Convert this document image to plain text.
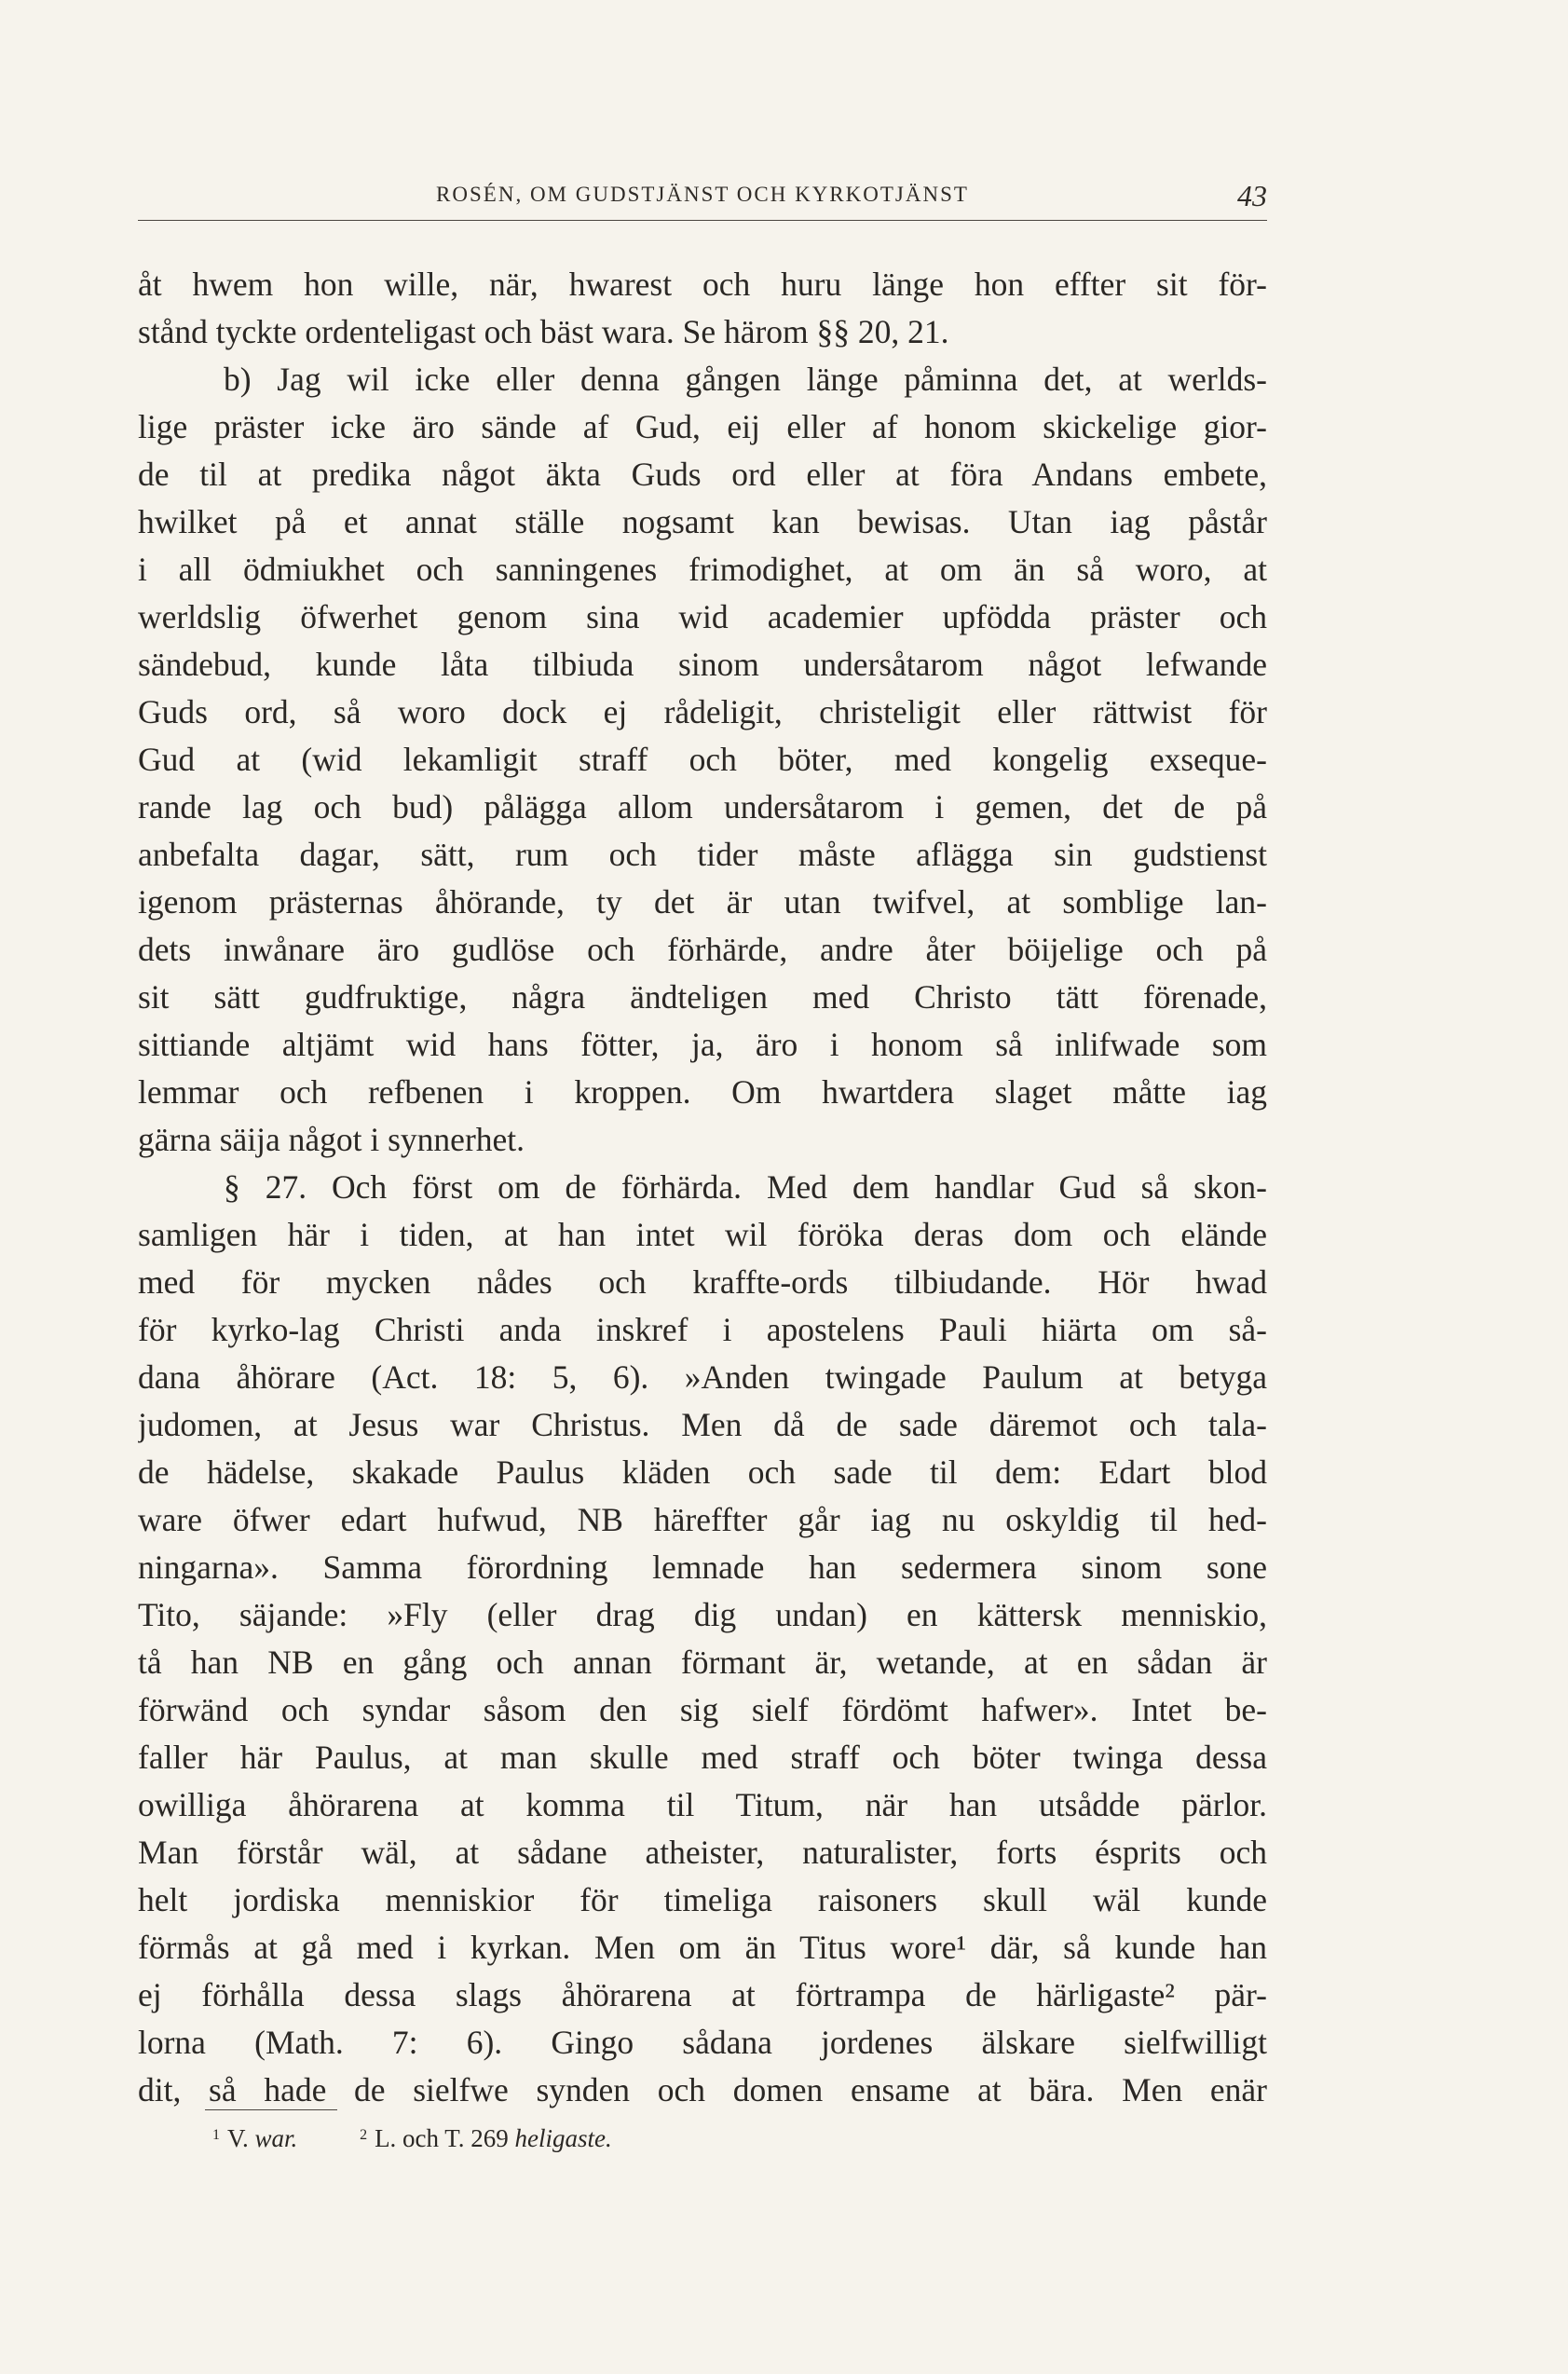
ROSÉN, OM GUDSTJÄNST OCH KYRKOTJÄNST	43
åt hwem hon wille, när, hwarest och huru länge hon effter sit för-
stånd tyckte ordenteligast och bäst wara. Se härom §§ 20, 21.
b) Jag wil icke eller denna gången länge påminna det, at werlds-
lige präster icke äro sände af Gud, eij eller af honom skickelige gior-
de til at predika något äkta Guds ord eller at föra Andans embete,
hwilket på et annat ställe nogsamt kan bewisas. Utan iag påstår
i all ödmiukhet och sanningenes frimodighet, at om än så woro, at
werldslig öfwerhet genom sina wid academier upfödda präster och
sändebud, kunde låta tilbiuda sinom undersåtarom något lefwande
Guds ord, så woro dock ej rådeligit, christeligit eller rättwist för
Gud at (wid lekamligit straff och böter, med kongelig exseque-
rande lag och bud) pålägga allom undersåtarom i gemen, det de på
anbefalta dagar, sätt, rum och tider måste aflägga sin gudstienst
igenom prästernas åhörande, ty det är utan twifvel, at somblige lan-
dets inwånare äro gudlöse och förhärde, andre åter böijelige och på
sit sätt gudfruktige, några ändteligen med Christo tätt förenade,
sittiande altjämt wid hans fötter, ja, äro i honom så inlifwade som
lemmar och refbenen i kroppen. Om hwartdera slaget måtte iag
gärna säija något i synnerhet.
§ 27. Och först om de förhärda. Med dem handlar Gud så skon-
samligen här i tiden, at han intet wil föröka deras dom och elände
med för mycken nådes och kraffte-ords tilbiudande. Hör hwad
för kyrko-lag Christi anda inskref i apostelens Pauli hiärta om så-
dana åhörare (Act. 18: 5, 6). »Anden twingade Paulum at betyga
judomen, at Jesus war Christus. Men då de sade däremot och tala-
de hädelse, skakade Paulus kläden och sade til dem: Edart blod
ware öfwer edart hufwud, NB häreffter går iag nu oskyldig til hed-
ningarna». Samma förordning lemnade han sedermera sinom sone
Tito, säjande: »Fly (eller drag dig undan) en kättersk menniskio,
tå han NB en gång och annan förmant är, wetande, at en sådan är
förwänd och syndar såsom den sig sielf fördömt hafwer». Intet be-
faller här Paulus, at man skulle med straff och böter twinga dessa
owilliga åhörarena at komma til Titum, när han utsådde pärlor.
Man förstår wäl, at sådane atheister, naturalister, forts ésprits och
helt jordiska menniskior för timeliga raisoners skull wäl kunde
förmås at gå med i kyrkan. Men om än Titus wore¹ där, så kunde han
ej förhålla dessa slags åhörarena at förtrampa de härligaste² pär-
lorna (Math. 7: 6). Gingo sådana jordenes älskare sielfwilligt
dit, så hade de sielfwe synden och domen ensame at bära. Men enär
$^1$ V. war.	$^2$ L. och T. 269 heligaste.
